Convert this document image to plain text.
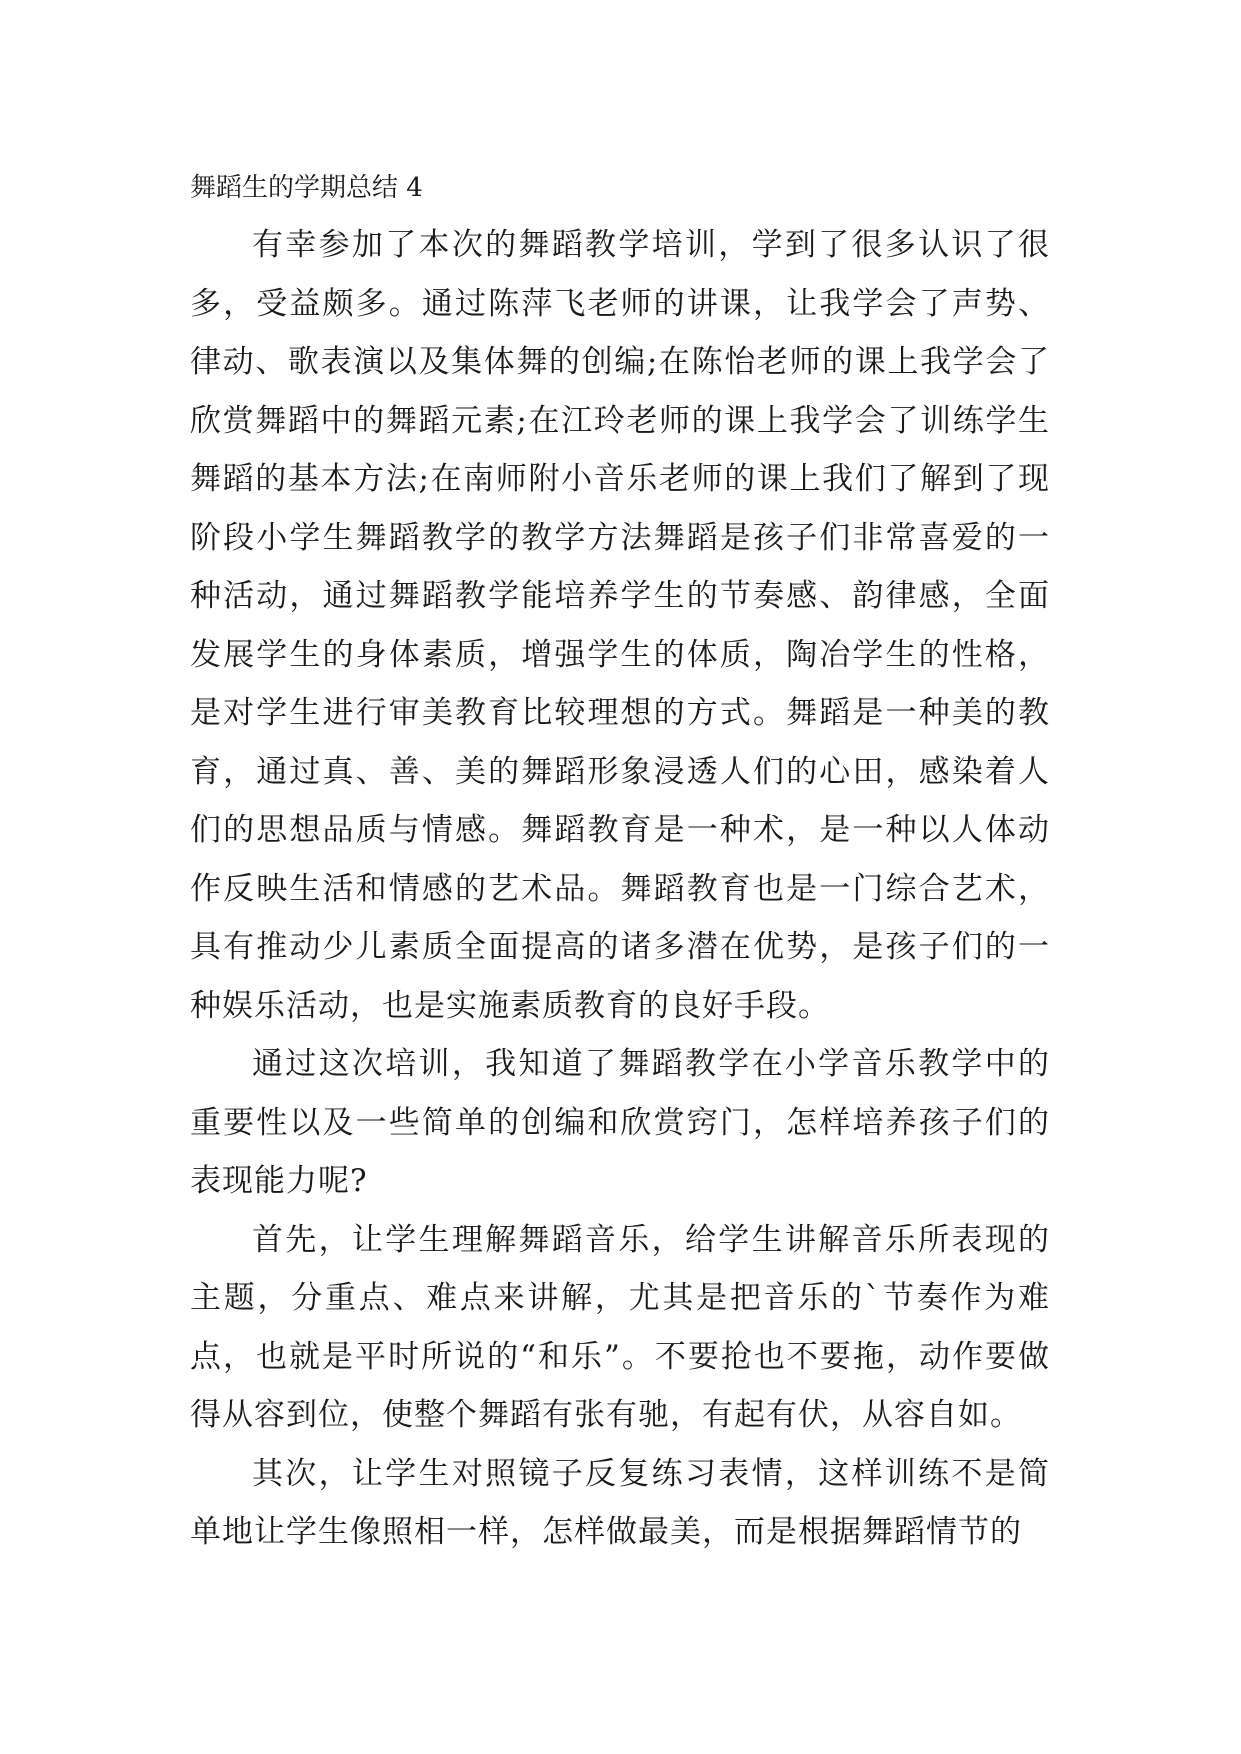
舞蹈生的学期总结 4

有幸参加了本次的舞蹈教学培训，学到了很多认识了很多，受益颇多。通过陈萍飞老师的讲课，让我学会了声势、律动、歌表演以及集体舞的创编;在陈怡老师的课上我学会了欣赏舞蹈中的舞蹈元素;在江玲老师的课上我学会了训练学生舞蹈的基本方法;在南师附小音乐老师的课上我们了解到了现阶段小学生舞蹈教学的教学方法舞蹈是孩子们非常喜爱的一种活动，通过舞蹈教学能培养学生的节奏感、韵律感，全面发展学生的身体素质，增强学生的体质，陶冶学生的性格，是对学生进行审美教育比较理想的方式。舞蹈是一种美的教育，通过真、善、美的舞蹈形象浸透人们的心田，感染着人们的思想品质与情感。舞蹈教育是一种术，是一种以人体动作反映生活和情感的艺术品。舞蹈教育也是一门综合艺术，具有推动少儿素质全面提高的诸多潜在优势，是孩子们的一种娱乐活动，也是实施素质教育的良好手段。

通过这次培训，我知道了舞蹈教学在小学音乐教学中的重要性以及一些简单的创编和欣赏窍门，怎样培养孩子们的表现能力呢?

首先，让学生理解舞蹈音乐，给学生讲解音乐所表现的主题，分重点、难点来讲解，尤其是把音乐的`节奏作为难点，也就是平时所说的“和乐”。不要抢也不要拖，动作要做得从容到位，使整个舞蹈有张有驰，有起有伏，从容自如。

其次，让学生对照镜子反复练习表情，这样训练不是简单地让学生像照相一样，怎样做最美，而是根据舞蹈情节的
